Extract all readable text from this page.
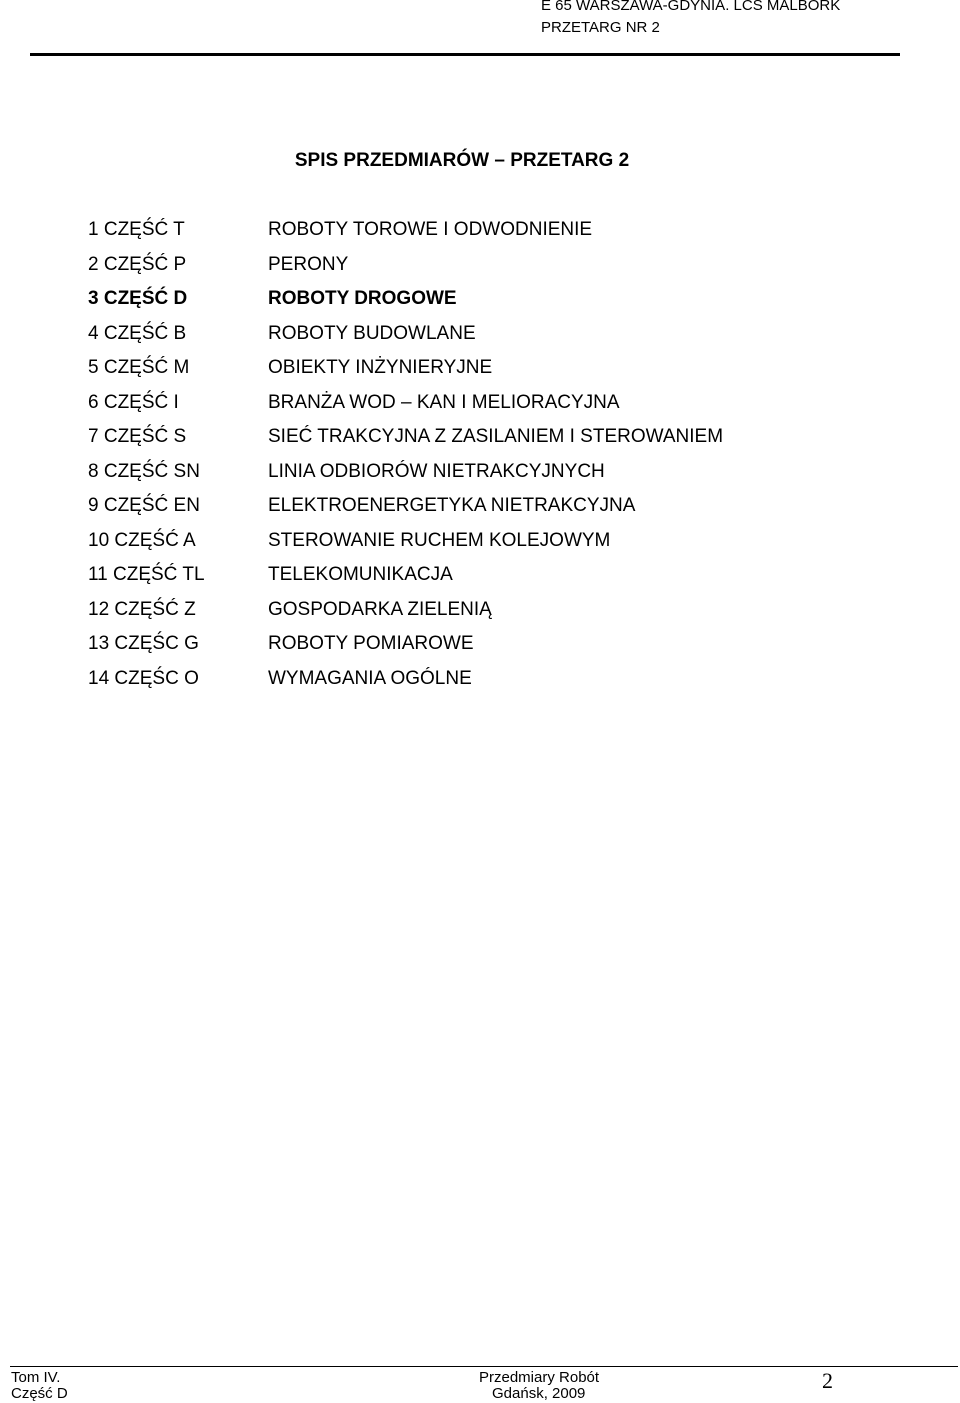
E 65 WARSZAWA-GDYNIA. LCS MALBORK
PRZETARG NR 2
SPIS PRZEDMIARÓW – PRZETARG 2
1 CZĘŚĆ T	ROBOTY TOROWE I ODWODNIENIE
2 CZĘŚĆ P	PERONY
3 CZĘŚĆ D	ROBOTY DROGOWE
4 CZĘŚĆ B	ROBOTY BUDOWLANE
5 CZĘŚĆ M	OBIEKTY INŻYNIERYJNE
6 CZĘŚĆ I	BRANŻA WOD – KAN I MELIORACYJNA
7 CZĘŚĆ S	SIEĆ TRAKCYJNA Z ZASILANIEM I STEROWANIEM
8 CZĘŚĆ SN	LINIA ODBIORÓW NIETRAKCYJNYCH
9 CZĘŚĆ EN	ELEKTROENERGETYKA NIETRAKCYJNA
10 CZĘŚĆ A	STEROWANIE RUCHEM KOLEJOWYM
11 CZĘŚĆ TL	TELEKOMUNIKACJA
12 CZĘŚĆ Z	GOSPODARKA ZIELENIĄ
13 CZĘŚC G	ROBOTY POMIAROWE
14 CZĘŚC O	WYMAGANIA OGÓLNE
Tom IV.
Część D
Przedmiary Robót
Gdańsk, 2009
2
